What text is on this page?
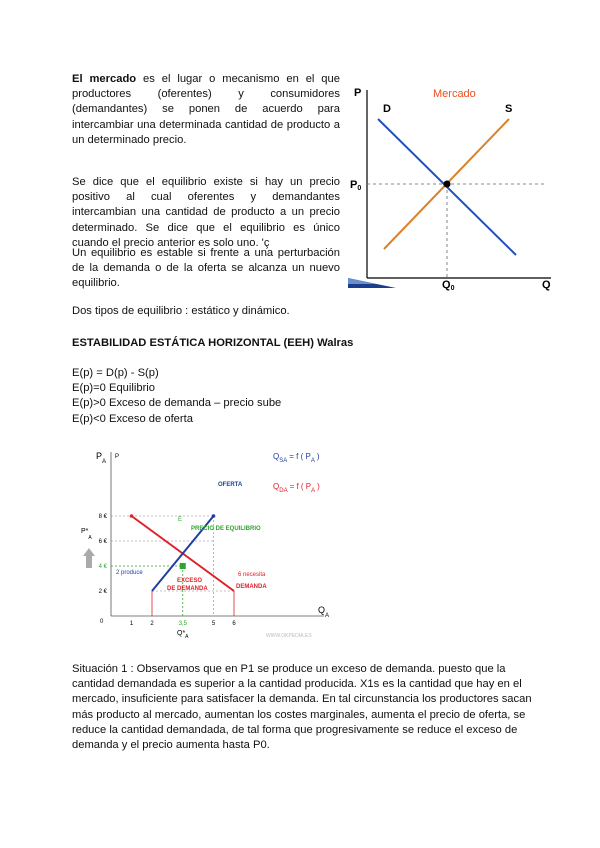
El mercado es el lugar o mecanismo en el que productores (oferentes) y consumidores (demandantes) se ponen de acuerdo para intercambiar una determinada cantidad de producto a un determinado precio.

Se dice que el equilibrio existe si hay un precio positivo al cual oferentes y demandantes intercambian una cantidad de producto a un precio determinado. Se dice que el equilibrio es único cuando el precio anterior es solo uno. 'ç

Un equilibrio es estable si frente a una perturbación de la demanda o de la oferta se alcanza un nuevo equilibrio.

Dos tipos de equilibrio : estático y dinámico.

ESTABILIDAD ESTÁTICA HORIZONTAL (EEH) Walras

E(p) = D(p) - S(p)
E(p)=0 Equilibrio
E(p)>0 Exceso de demanda – precio sube
E(p)<0 Exceso de oferta
P	Mercado
D	S
P0
Q0	Q
$P_A$
P
$Q_A$
0
8 €
6 €
4 €
2 €
1	2	3,5	5	6
$Q_{SA} = f$ ( $P_A$ )
$Q_{DA} = f$ ( $P_A$ )
OFERTA
PRECIO DE EQUILIBRIO
E
$P*_A$
$Q*_A$
2 produce
EXCESO
DE DEMANDA
6 necesita
DEMANDA
WWW.OKPEDIA.ES

Situación 1 : Observamos que en P1 se produce un exceso de demanda. puesto que la cantidad demandada es superior a la cantidad producida. X1s es la cantidad que hay en el mercado, insuficiente para satisfacer la demanda. En tal circunstancia los productores sacan más producto al mercado, aumentan los costes marginales, aumenta el precio de oferta, se reduce la cantidad demandada, de tal forma que progresivamente se reduce el exceso de demanda y el precio aumenta hasta P0.
